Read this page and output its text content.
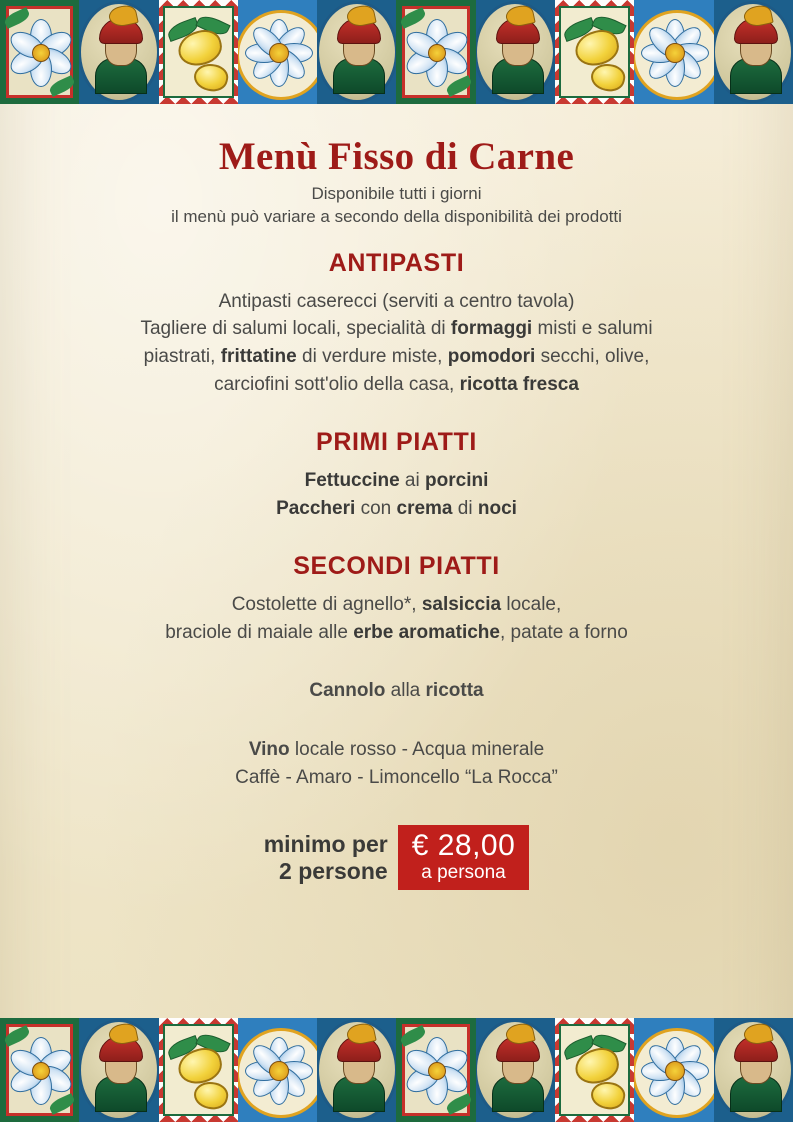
Menù Fisso di Carne
Disponibile tutti i giorni
il menù può variare a secondo della disponibilità dei prodotti
ANTIPASTI
Antipasti caserecci (serviti a centro tavola)
Tagliere di salumi locali, specialità di formaggi misti e salumi
piastrati, frittatine di verdure miste, pomodori secchi, olive,
carciofini sott'olio della casa, ricotta fresca
PRIMI PIATTI
Fettuccine ai porcini
Paccheri con crema di noci
SECONDI PIATTI
Costolette di agnello*, salsiccia locale,
braciole di maiale alle erbe aromatiche, patate a forno
Cannolo alla ricotta
Vino locale rosso - Acqua minerale
Caffè - Amaro - Limoncello “La Rocca”
minimo per
2 persone
€ 28,00
a persona
